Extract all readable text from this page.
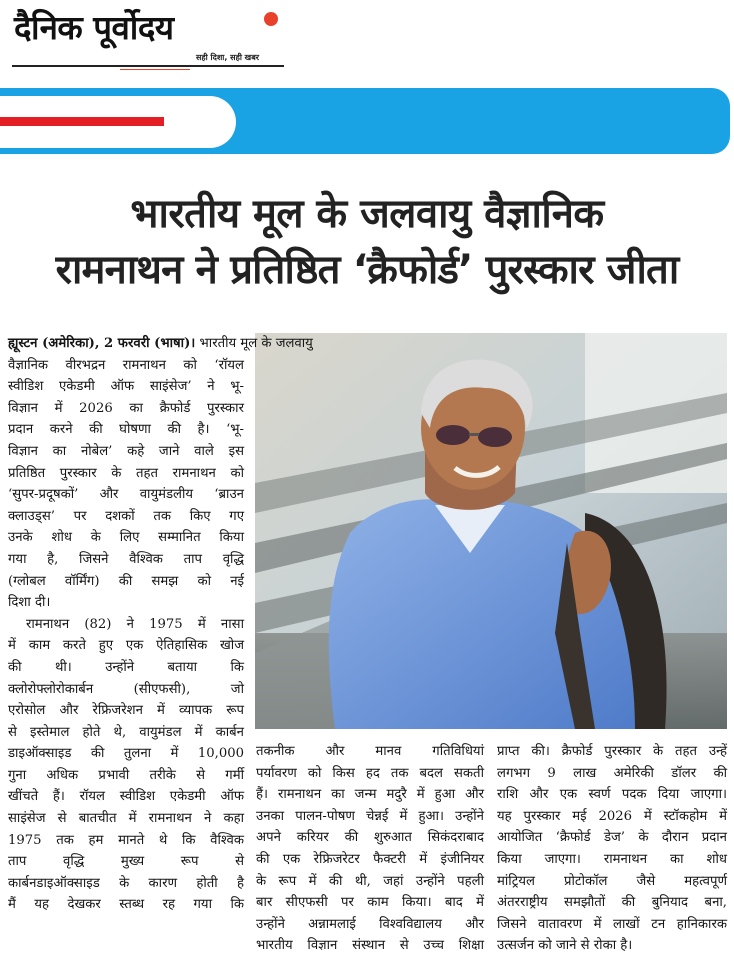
दैनिक पूर्वोदय
सही दिशा, सही खबर
भारतीय मूल के जलवायु वैज्ञानिक
रामनाथन ने प्रतिष्ठित ‘क्रैफोर्ड’ पुरस्कार जीता
ह्यूस्टन (अमेरिका), 2 फरवरी (भाषा)। भारतीय मूल के जलवायु
वैज्ञानिक वीरभद्रन रामनाथन को ‘रॉयल
स्वीडिश एकेडमी ऑफ साइंसेज’ ने भू-
विज्ञान में 2026 का क्रैफोर्ड पुरस्कार
प्रदान करने की घोषणा की है। ‘भू-
विज्ञान का नोबेल’ कहे जाने वाले इस
प्रतिष्ठित पुरस्कार के तहत रामनाथन को
‘सुपर-प्रदूषकों’ और वायुमंडलीय ‘ब्राउन
क्लाउड्स’ पर दशकों तक किए गए
उनके शोध के लिए सम्मानित किया
गया है, जिसने वैश्विक ताप वृद्धि
(ग्लोबल वॉर्मिंग) की समझ को नई
दिशा दी।
रामनाथन (82) ने 1975 में नासा
में काम करते हुए एक ऐतिहासिक खोज
की थी। उन्होंने बताया कि
क्लोरोफ्लोरोकार्बन (सीएफसी), जो
एरोसोल और रेफ्रिजरेशन में व्यापक रूप
से इस्तेमाल होते थे, वायुमंडल में कार्बन
डाइऑक्साइड की तुलना में 10,000
गुना अधिक प्रभावी तरीके से गर्मी
खींचते हैं। रॉयल स्वीडिश एकेडमी ऑफ
साइंसेज से बातचीत में रामनाथन ने कहा
1975 तक हम मानते थे कि वैश्विक
ताप वृद्धि मुख्य रूप से
कार्बनडाइऑक्साइड के कारण होती है
मैं यह देखकर स्तब्ध रह गया कि
तकनीक और मानव गतिविधियां
पर्यावरण को किस हद तक बदल सकती
हैं। रामनाथन का जन्म मदुरै में हुआ और
उनका पालन-पोषण चेन्नई में हुआ। उन्होंने
अपने करियर की शुरुआत सिकंदराबाद
की एक रेफ्रिजरेटर फैक्टरी में इंजीनियर
के रूप में की थी, जहां उन्होंने पहली
बार सीएफसी पर काम किया। बाद में
उन्होंने अन्नामलाई विश्वविद्यालय और
भारतीय विज्ञान संस्थान से उच्च शिक्षा
प्राप्त की। क्रैफोर्ड पुरस्कार के तहत उन्हें
लगभग 9 लाख अमेरिकी डॉलर की
राशि और एक स्वर्ण पदक दिया जाएगा।
यह पुरस्कार मई 2026 में स्टॉकहोम में
आयोजित ‘क्रैफोर्ड डेज’ के दौरान प्रदान
किया जाएगा। रामनाथन का शोध
मांट्रियल प्रोटोकॉल जैसे महत्वपूर्ण
अंतरराष्ट्रीय समझौतों की बुनियाद बना,
जिसने वातावरण में लाखों टन हानिकारक
उत्सर्जन को जाने से रोका है।
